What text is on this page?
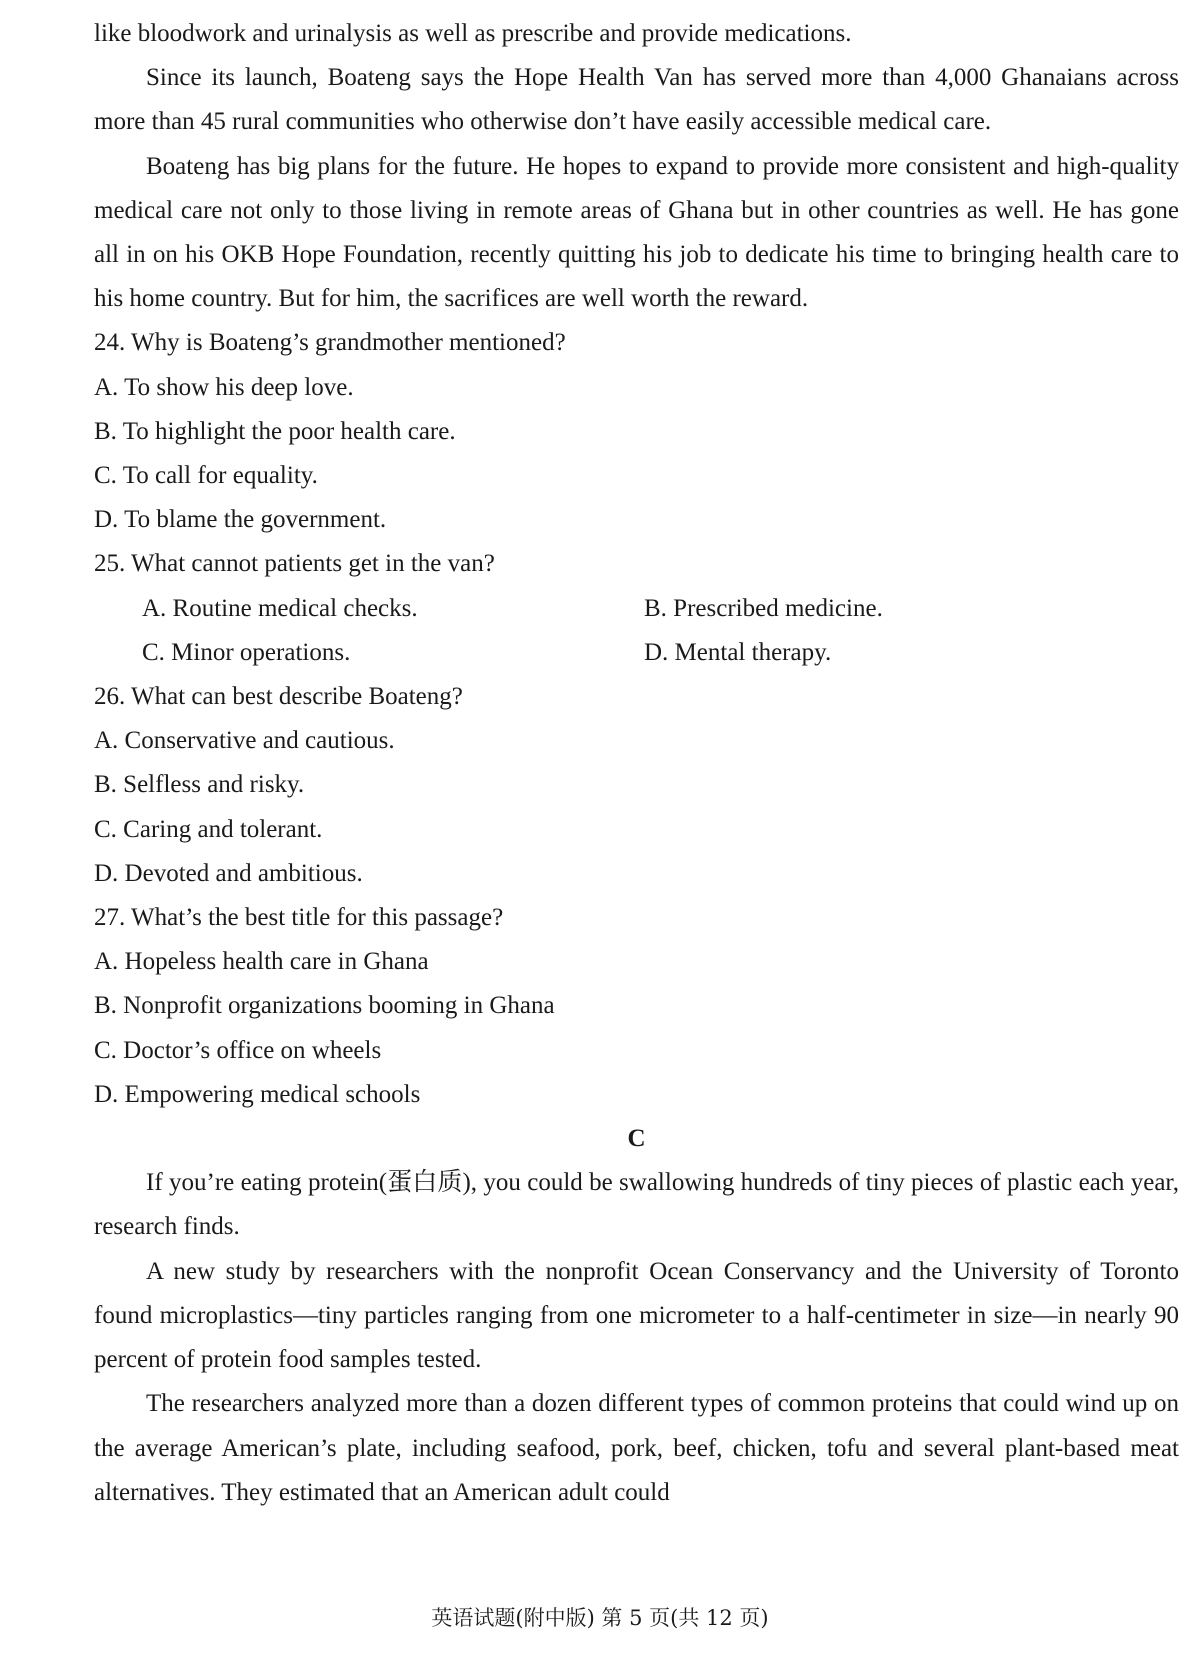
like bloodwork and urinalysis as well as prescribe and provide medications.

Since its launch, Boateng says the Hope Health Van has served more than 4,000 Ghanaians across more than 45 rural communities who otherwise don’t have easily accessible medical care.

Boateng has big plans for the future. He hopes to expand to provide more consistent and high-quality medical care not only to those living in remote areas of Ghana but in other countries as well. He has gone all in on his OKB Hope Foundation, recently quitting his job to dedicate his time to bringing health care to his home country. But for him, the sacrifices are well worth the reward.

24. Why is Boateng’s grandmother mentioned?

A. To show his deep love.

B. To highlight the poor health care.

C. To call for equality.

D. To blame the government.

25. What cannot patients get in the van?

A. Routine medical checks.	B. Prescribed medicine.
C. Minor operations.	D. Mental therapy.

26. What can best describe Boateng?

A. Conservative and cautious.

B. Selfless and risky.

C. Caring and tolerant.

D. Devoted and ambitious.

27. What’s the best title for this passage?

A. Hopeless health care in Ghana

B. Nonprofit organizations booming in Ghana

C. Doctor’s office on wheels

D. Empowering medical schools

C

If you’re eating protein(蛋白质), you could be swallowing hundreds of tiny pieces of plastic each year, research finds.

A new study by researchers with the nonprofit Ocean Conservancy and the University of Toronto found microplastics—tiny particles ranging from one micrometer to a half-centimeter in size—in nearly 90 percent of protein food samples tested.

The researchers analyzed more than a dozen different types of common proteins that could wind up on the average American’s plate, including seafood, pork, beef, chicken, tofu and several plant-based meat alternatives. They estimated that an American adult could

英语试题(附中版) 第 5 页(共 12 页)
